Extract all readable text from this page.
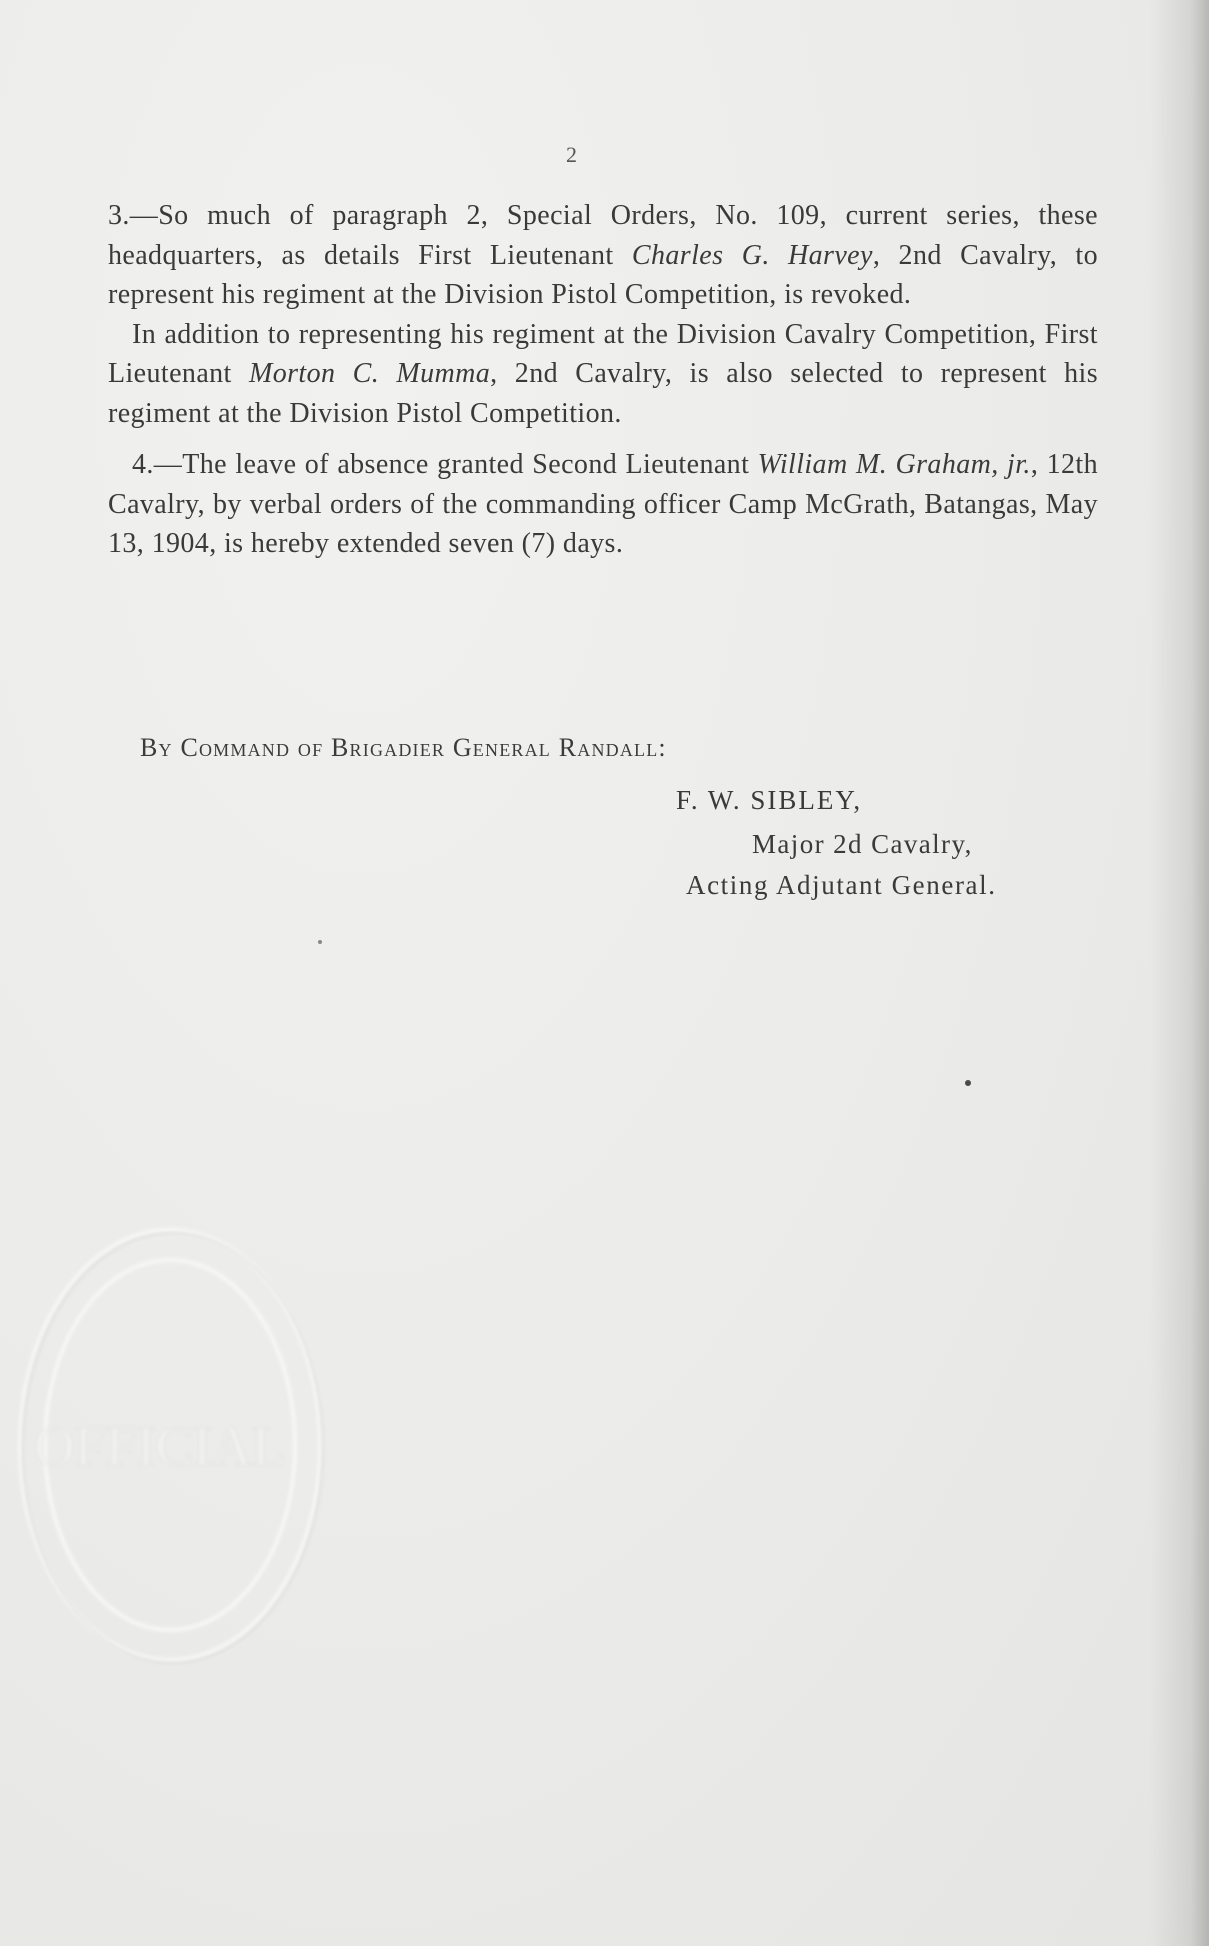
2

3.—So much of paragraph 2, Special Orders, No. 109, current series, these headquarters, as details First Lieutenant Charles G. Harvey, 2nd Cavalry, to represent his regiment at the Division Pistol Competition, is revoked.

In addition to representing his regiment at the Division Cavalry Competition, First Lieutenant Morton C. Mumma, 2nd Cavalry, is also selected to represent his regiment at the Division Pistol Competition.

4.—The leave of absence granted Second Lieutenant William M. Graham, jr., 12th Cavalry, by verbal orders of the commanding officer Camp McGrath, Batangas, May 13, 1904, is hereby extended seven (7) days.

By Command of Brigadier General Randall:
F. W. SIBLEY,
Major 2d Cavalry,
Acting Adjutant General.
OFFICIAL
